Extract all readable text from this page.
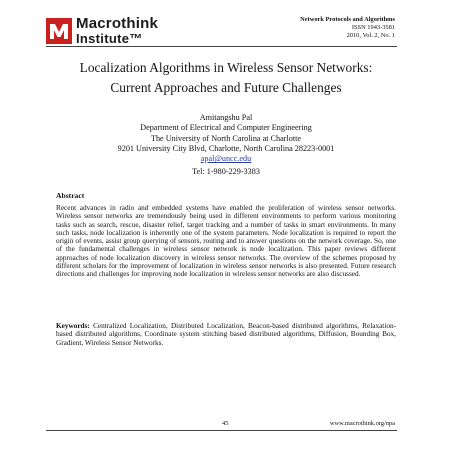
Macrothink
Institute™
Network Protocols and Algorithms
ISSN 1943-3581
2010, Vol. 2, No. 1
Localization Algorithms in Wireless Sensor Networks:
Current Approaches and Future Challenges
Amitangshu Pal
Department of Electrical and Computer Engineering
The University of North Carolina at Charlotte
9201 University City Blvd, Charlotte, North Carolina 28223-0001
apal@uncc.edu
Tel: 1-980-229-3383
Abstract
Recent advances in radio and embedded systems have enabled the proliferation of wireless sensor networks. Wireless sensor networks are tremendously being used in different environments to perform various monitoring tasks such as search, rescue, disaster relief, target tracking and a number of tasks in smart environments. In many such tasks, node localization is inherently one of the system parameters. Node localization is required to report the origin of events, assist group querying of sensors, routing and to answer questions on the network coverage. So, one of the fundamental challenges in wireless sensor network is node localization. This paper reviews different approaches of node localization discovery in wireless sensor networks. The overview of the schemes proposed by different scholars for the improvement of localization in wireless sensor networks is also presented. Future research directions and challenges for improving node localization in wireless sensor networks are also discussed.
Keywords: Centralized Localization, Distributed Localization, Beacon-based distributed algorithms, Relaxation-based distributed algorithms, Coordinate system stitching based distributed algorithms, Diffusion, Bounding Box, Gradient, Wireless Sensor Networks.
45	www.macrothink.org/npa
